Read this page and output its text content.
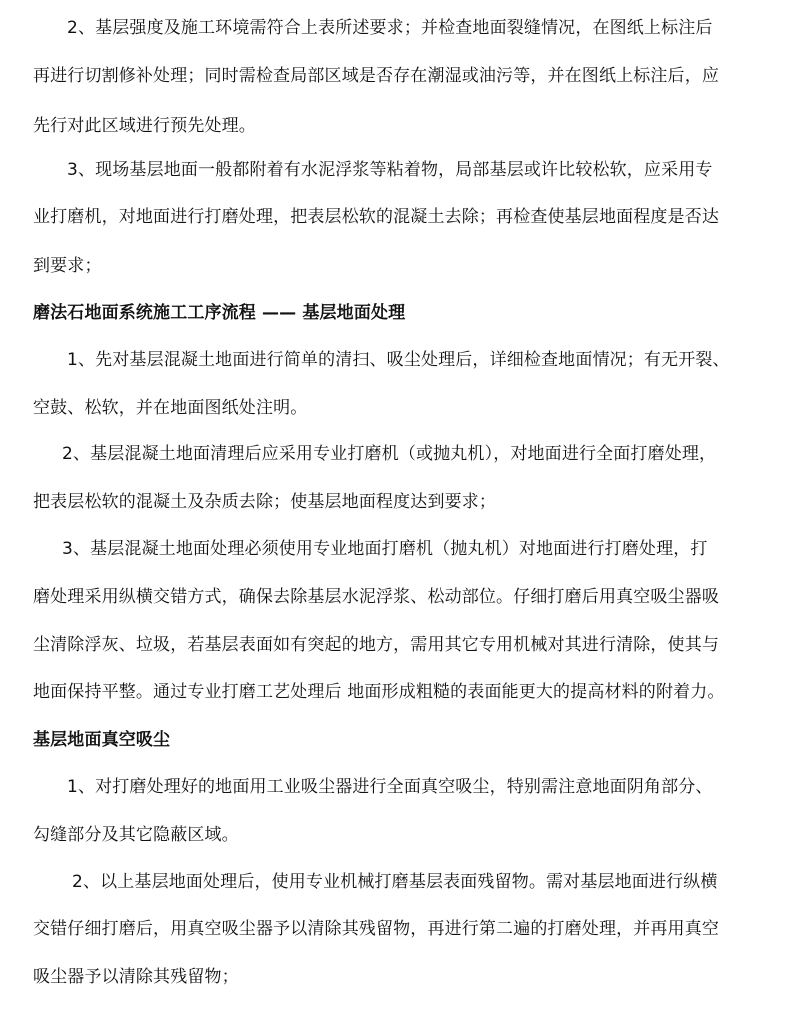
2、基层强度及施工环境需符合上表所述要求；并检查地面裂缝情况，在图纸上标注后

再进行切割修补处理；同时需检查局部区域是否存在潮湿或油污等，并在图纸上标注后，应

先行对此区域进行预先处理。

3、现场基层地面一般都附着有水泥浮浆等粘着物，局部基层或许比较松软，应采用专

业打磨机，对地面进行打磨处理，把表层松软的混凝土去除；再检查使基层地面程度是否达

到要求；

磨法石地面系统施工工序流程 —— 基层地面处理

1、先对基层混凝土地面进行简单的清扫、吸尘处理后，详细检查地面情况；有无开裂、

空鼓、松软，并在地面图纸处注明。

2、基层混凝土地面清理后应采用专业打磨机（或抛丸机），对地面进行全面打磨处理，

把表层松软的混凝土及杂质去除；使基层地面程度达到要求；

3、基层混凝土地面处理必须使用专业地面打磨机（抛丸机）对地面进行打磨处理，打

磨处理采用纵横交错方式，确保去除基层水泥浮浆、松动部位。仔细打磨后用真空吸尘器吸

尘清除浮灰、垃圾，若基层表面如有突起的地方，需用其它专用机械对其进行清除，使其与

地面保持平整。通过专业打磨工艺处理后 地面形成粗糙的表面能更大的提高材料的附着力。

基层地面真空吸尘

1、对打磨处理好的地面用工业吸尘器进行全面真空吸尘，特别需注意地面阴角部分、

勾缝部分及其它隐蔽区域。

2、以上基层地面处理后，使用专业机械打磨基层表面残留物。需对基层地面进行纵横

交错仔细打磨后，用真空吸尘器予以清除其残留物，再进行第二遍的打磨处理，并再用真空

吸尘器予以清除其残留物；
